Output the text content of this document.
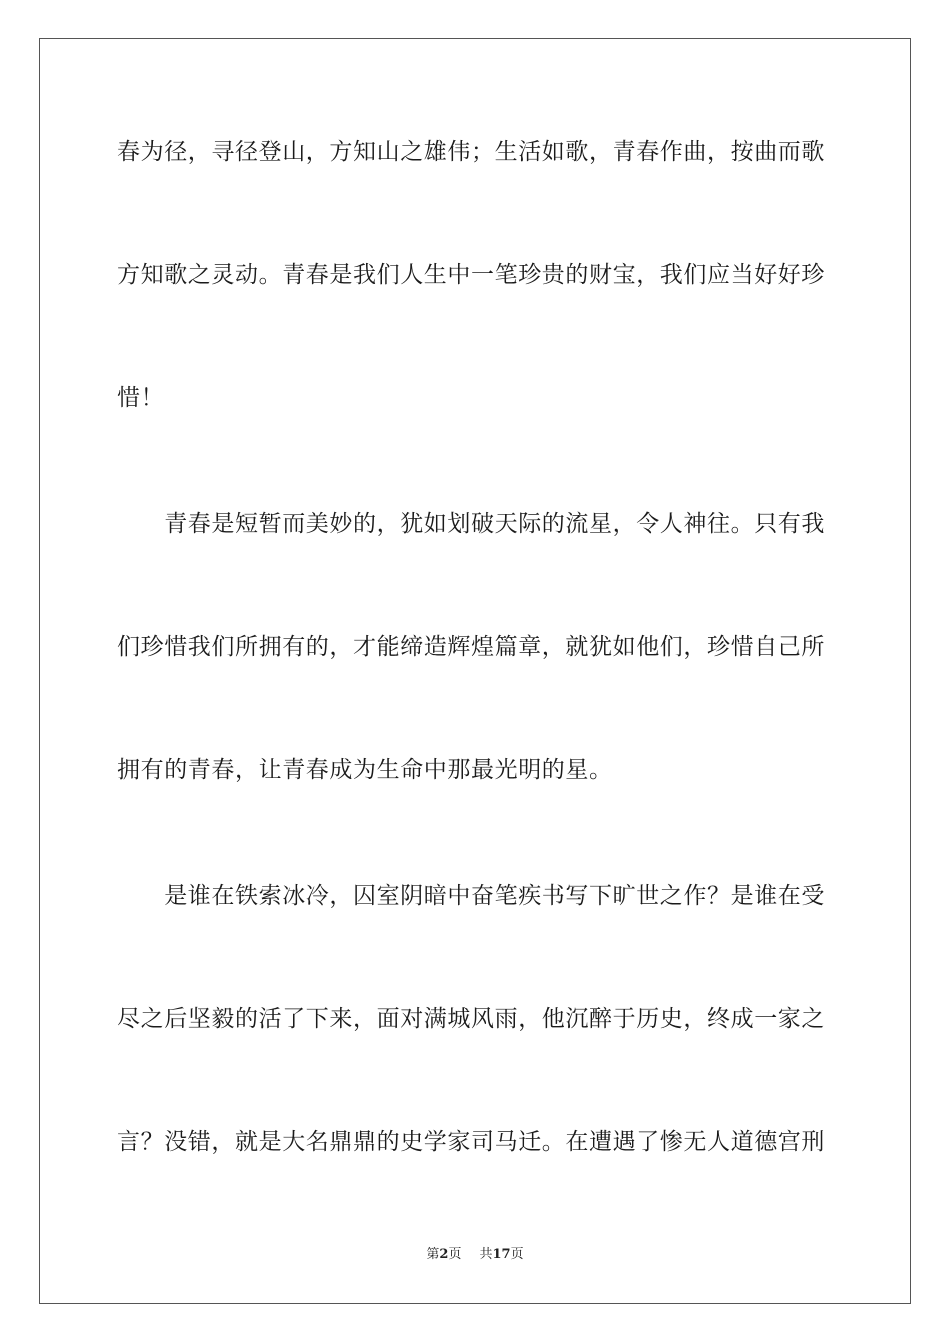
春为径，寻径登山，方知山之雄伟；生活如歌，青春作曲，按曲而歌
方知歌之灵动。青春是我们人生中一笔珍贵的财宝，我们应当好好珍
惜！
　　青春是短暂而美妙的，犹如划破天际的流星，令人神往。只有我
们珍惜我们所拥有的，才能缔造辉煌篇章，就犹如他们，珍惜自己所
拥有的青春，让青春成为生命中那最光明的星。
　　是谁在铁索冰冷，囚室阴暗中奋笔疾书写下旷世之作？是谁在受
尽之后坚毅的活了下来，面对满城风雨，他沉醉于历史，终成一家之
言？没错，就是大名鼎鼎的史学家司马迁。在遭遇了惨无人道德宫刑
第2页 共17页
